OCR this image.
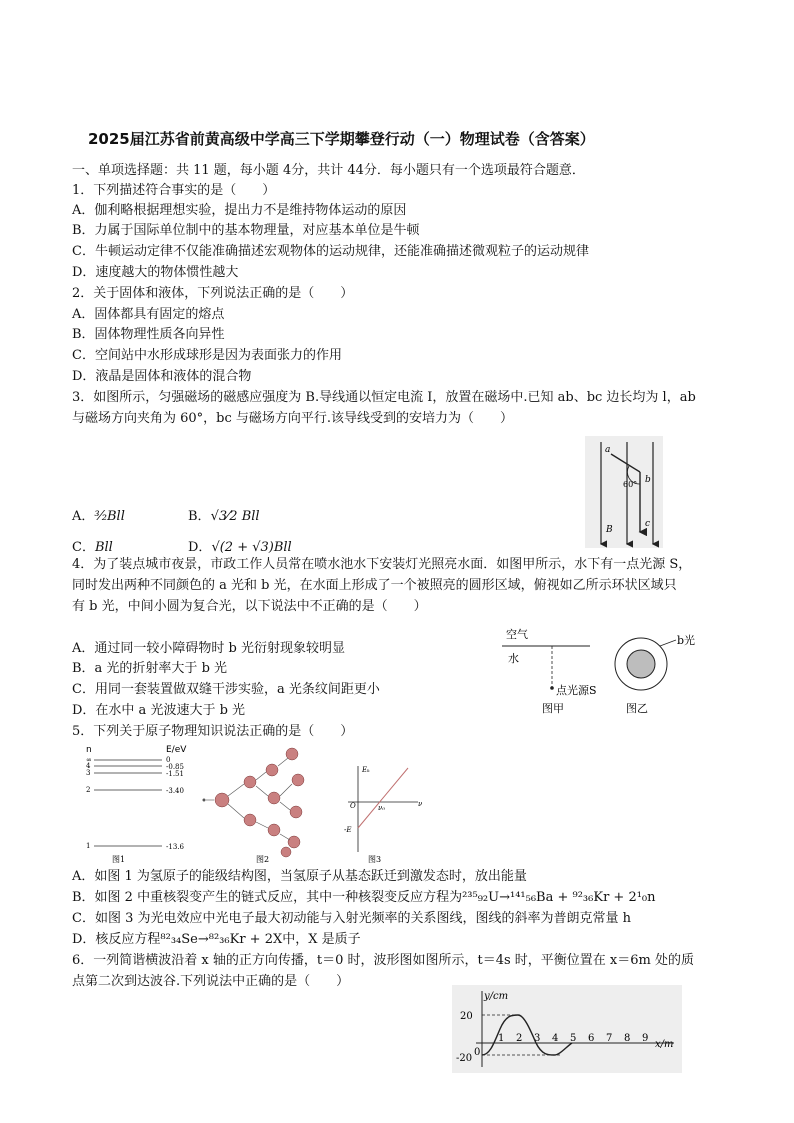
2025届江苏省前黄高级中学高三下学期攀登行动（一）物理试卷（含答案）
一、单项选择题：共 11 题，每小题 4分，共计 44分．每小题只有一个选项最符合题意．
1．下列描述符合事实的是（　　）
A．伽利略根据理想实验，提出力不是维持物体运动的原因
B．力属于国际单位制中的基本物理量，对应基本单位是牛顿
C．牛顿运动定律不仅能准确描述宏观物体的运动规律，还能准确描述微观粒子的运动规律
D．速度越大的物体惯性越大
2．关于固体和液体，下列说法正确的是（　　）
A．固体都具有固定的熔点
B．固体物理性质各向异性
C．空间站中水形成球形是因为表面张力的作用
D．液晶是固体和液体的混合物
3．如图所示，匀强磁场的磁感应强度为 B.导线通以恒定电流 I，放置在磁场中.已知 ab、bc 边长均为 l，ab
与磁场方向夹角为 60°，bc 与磁场方向平行.该导线受到的安培力为（　　）
A．³⁄₂Bll	B．√3⁄2 Bll
C．Bll	D．√(2 + √3)Bll
a
b
c
B
60°
4．为了装点城市夜景，市政工作人员常在喷水池水下安装灯光照亮水面．如图甲所示，水下有一点光源 S，
同时发出两种不同颜色的 a 光和 b 光，在水面上形成了一个被照亮的圆形区域，俯视如乙所示环状区域只
有 b 光，中间小圆为复合光，以下说法中不正确的是（　　）
A．通过同一较小障碍物时 b 光衍射现象较明显
B．a 光的折射率大于 b 光
C．用同一套装置做双缝干涉实验，a 光条纹间距更小
D．在水中 a 光波速大于 b 光
空气
水
点光源S
图甲
b光
图乙
5．下列关于原子物理知识说法正确的是（　　）
n	E/eV
∞	0
4	-0.85
3	-1.51
2	-3.40
1	-13.6
图1	图2
Eₖ
O	ν₀	ν
-E
图3
A．如图 1 为氢原子的能级结构图，当氢原子从基态跃迁到激发态时，放出能量
B．如图 2 中重核裂变产生的链式反应，其中一种核裂变反应方程为²³⁵₉₂U→¹⁴¹₅₆Ba + ⁹²₃₆Kr + 2¹₀n
C．如图 3 为光电效应中光电子最大初动能与入射光频率的关系图线，图线的斜率为普朗克常量 h
D．核反应方程⁸²₃₄Se→⁸²₃₆Kr + 2X中，X 是质子
6．一列简谐横波沿着 x 轴的正方向传播，t＝0 时，波形图如图所示，t＝4s 时，平衡位置在 x＝6m 处的质
点第二次到达波谷.下列说法中正确的是（　　）
y/cm
x/m
20
-20
0
1 2 3 4 5 6 7 8 9
